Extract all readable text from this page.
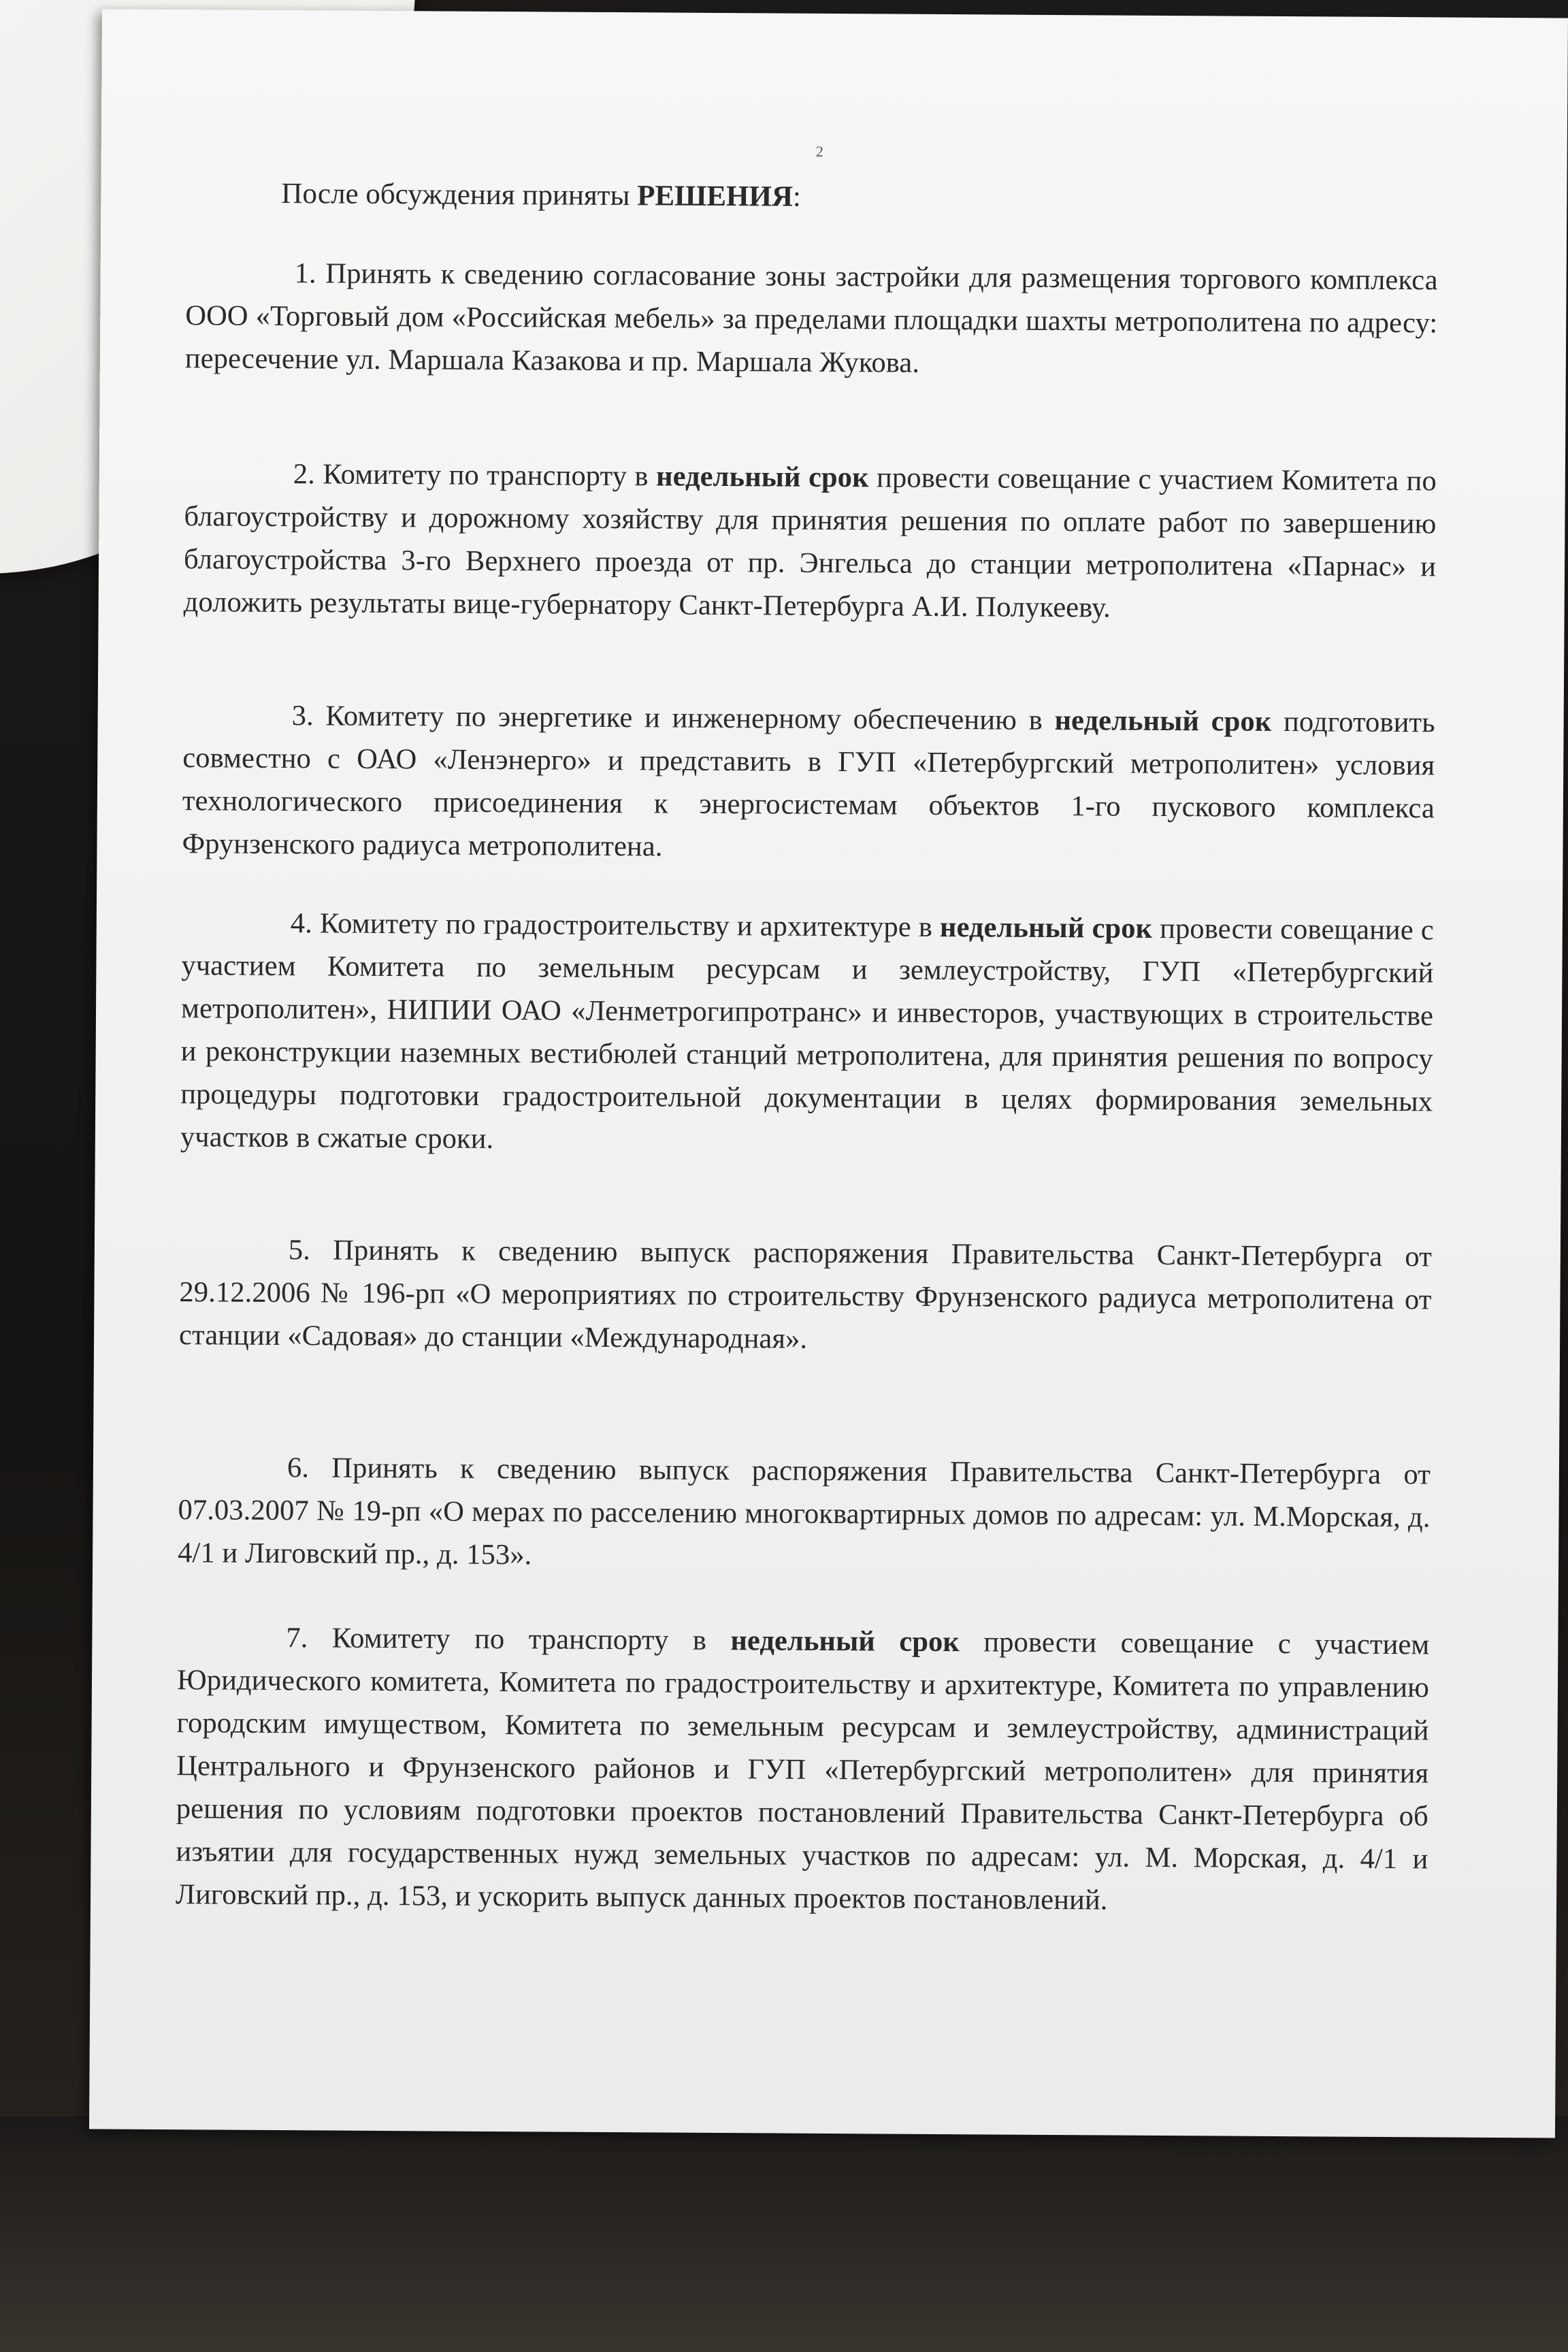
2
После обсуждения приняты РЕШЕНИЯ:

1. Принять к сведению согласование зоны застройки для размещения торгового комплекса ООО «Торговый дом «Российская мебель» за пределами площадки шахты метрополитена по адресу: пересечение ул. Маршала Казакова и пр. Маршала Жукова.

2. Комитету по транспорту в недельный срок провести совещание с участием Комитета по благоустройству и дорожному хозяйству для принятия решения по оплате работ по завершению благоустройства 3-го Верхнего проезда от пр. Энгельса до станции метрополитена «Парнас» и доложить результаты вице-губернатору Санкт-Петербурга А.И. Полукееву.

3. Комитету по энергетике и инженерному обеспечению в недельный срок подготовить совместно с ОАО «Ленэнерго» и представить в ГУП «Петербургский метрополитен» условия технологического присоединения к энергосистемам объектов 1-го пускового комплекса Фрунзенского радиуса метрополитена.

4. Комитету по градостроительству и архитектуре в недельный срок провести совещание с участием Комитета по земельным ресурсам и землеустройству, ГУП «Петербургский метрополитен», НИПИИ ОАО «Ленметрогипротранс» и инвесторов, участвующих в строительстве и реконструкции наземных вестибюлей станций метрополитена, для принятия решения по вопросу процедуры подготовки градостроительной документации в целях формирования земельных участков в сжатые сроки.

5. Принять к сведению выпуск распоряжения Правительства Санкт-Петербурга от 29.12.2006 № 196-рп «О мероприятиях по строительству Фрунзенского радиуса метрополитена от станции «Садовая» до станции «Международная».

6. Принять к сведению выпуск распоряжения Правительства Санкт-Петербурга от 07.03.2007 № 19-рп «О мерах по расселению многоквартирных домов по адресам: ул. М.Морская, д. 4/1 и Лиговский пр., д. 153».

7. Комитету по транспорту в недельный срок провести совещание с участием Юридического комитета, Комитета по градостроительству и архитектуре, Комитета по управлению городским имуществом, Комитета по земельным ресурсам и землеустройству, администраций Центрального и Фрунзенского районов и ГУП «Петербургский метрополитен» для принятия решения по условиям подготовки проектов постановлений Правительства Санкт-Петербурга об изъятии для государственных нужд земельных участков по адресам: ул. М. Морская, д. 4/1 и Лиговский пр., д. 153, и ускорить выпуск данных проектов постановлений.
